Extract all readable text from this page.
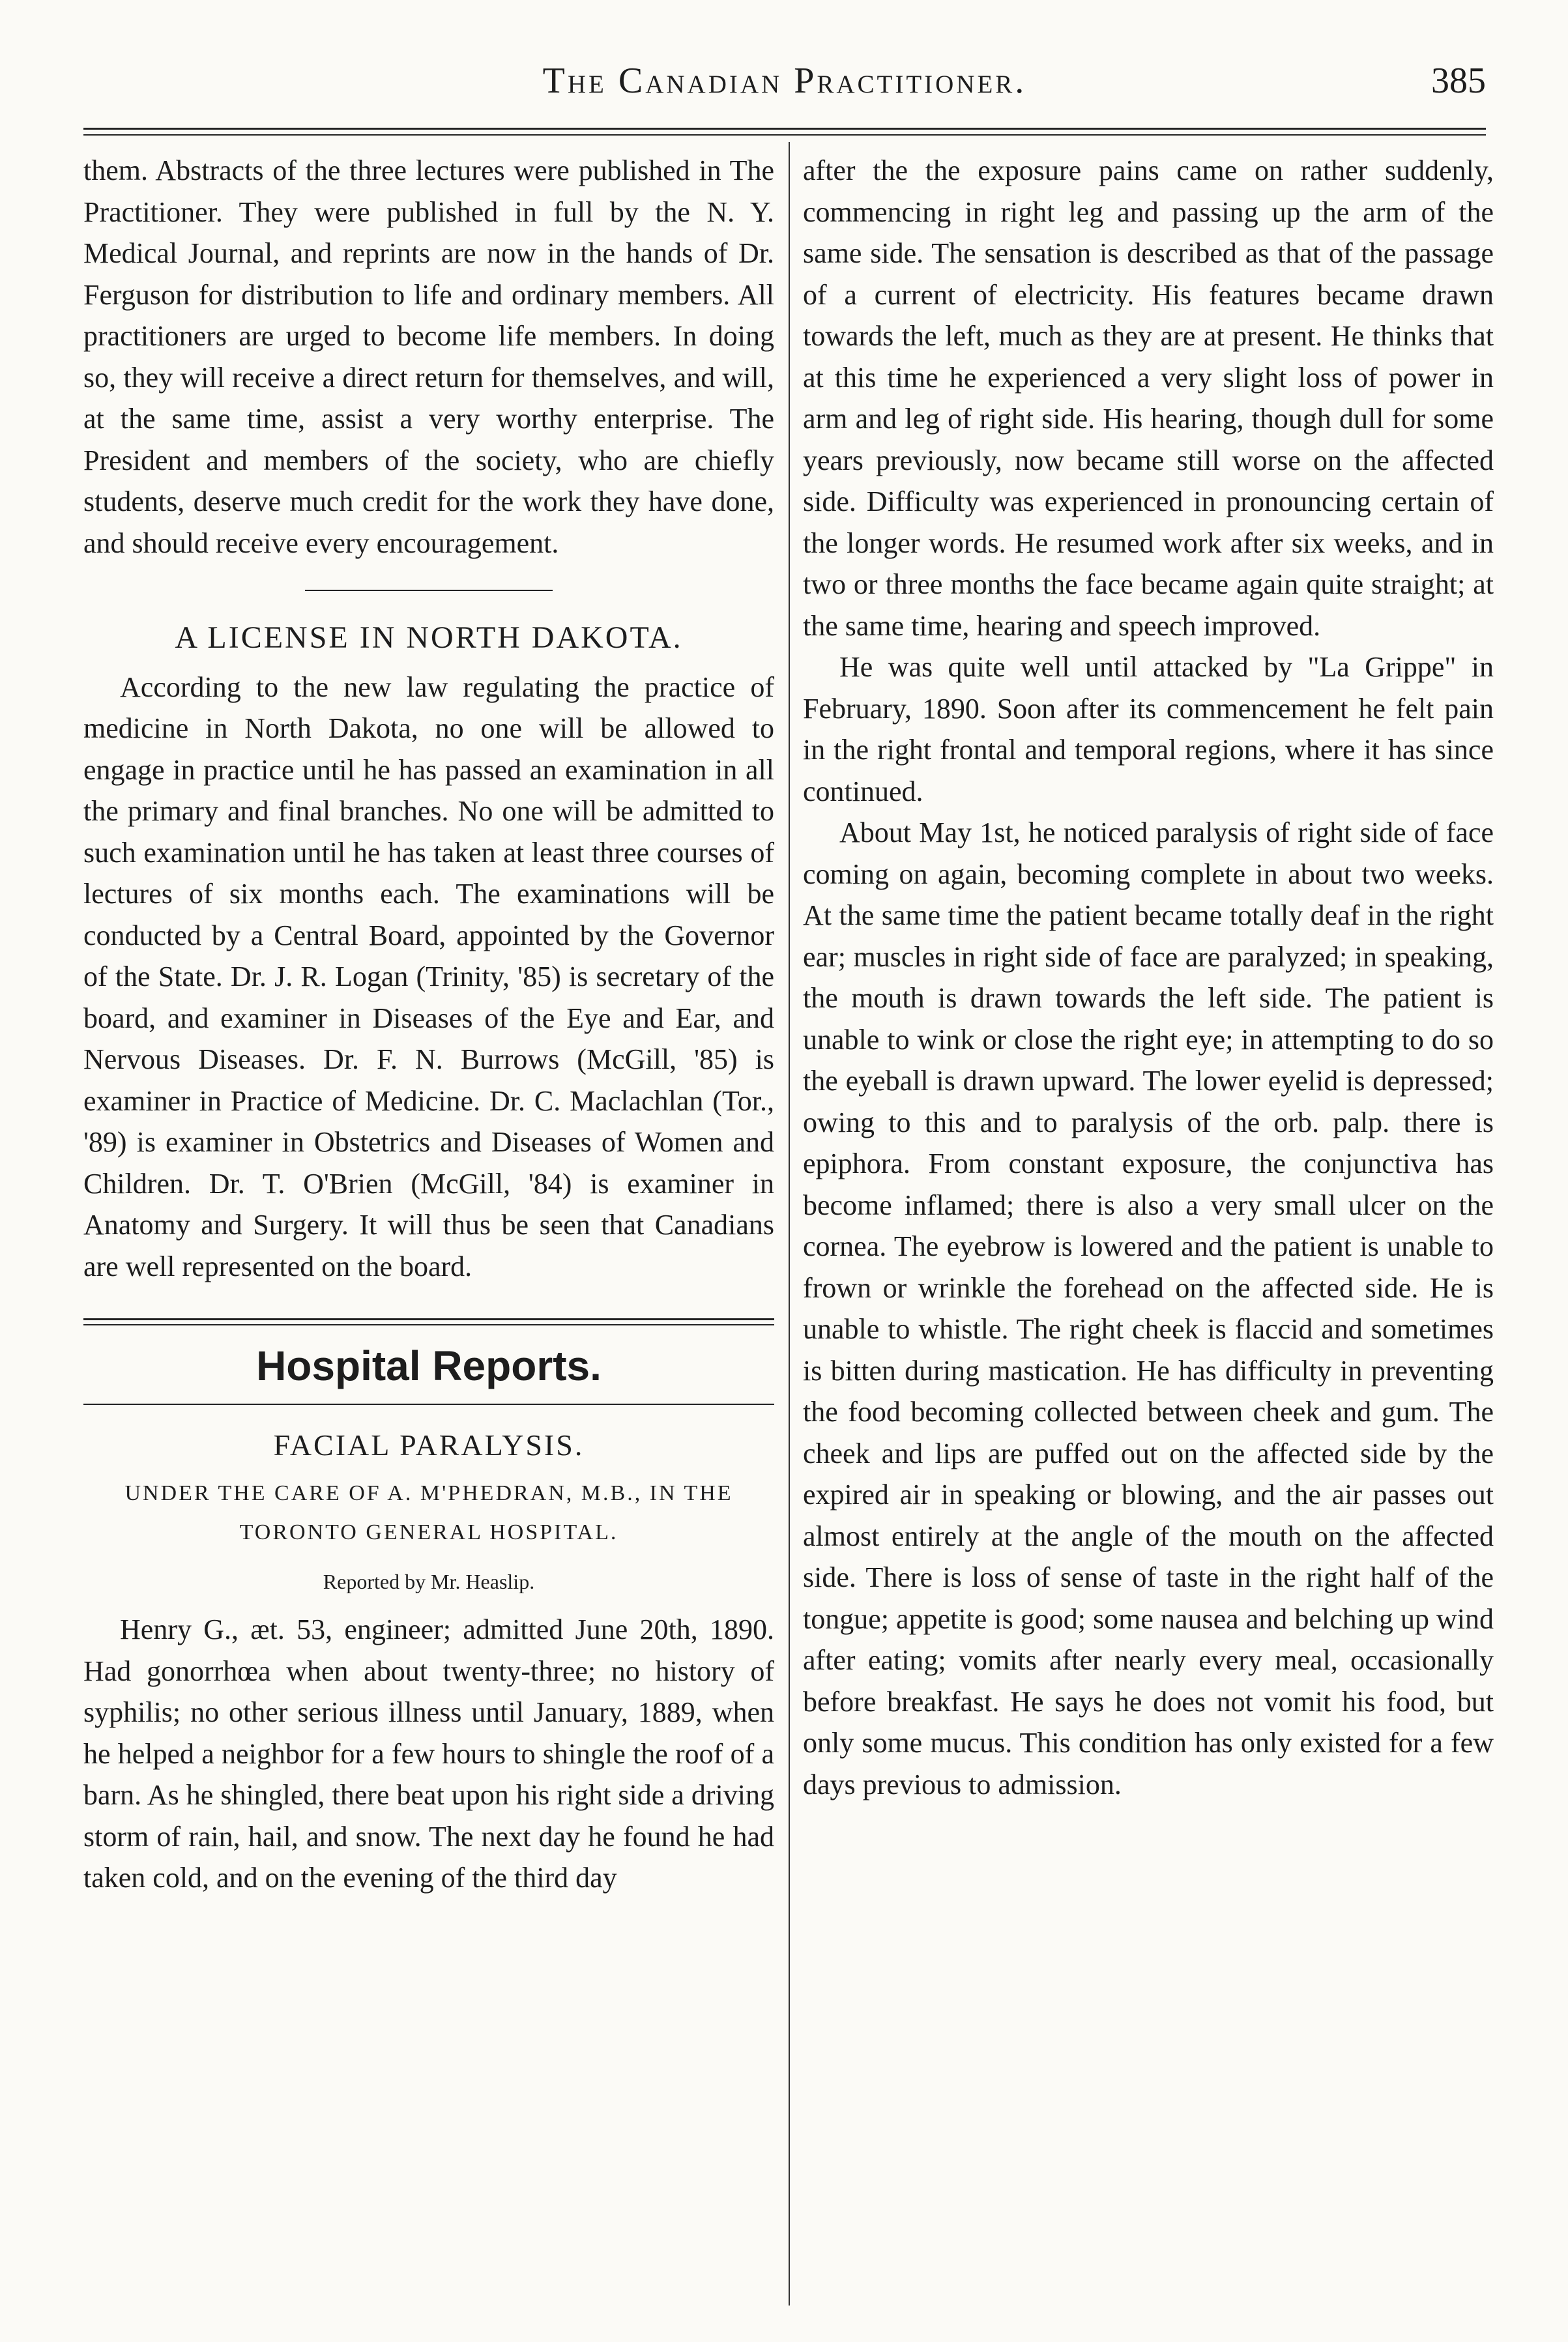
The Canadian Practitioner.	385

them. Abstracts of the three lectures were published in The Practitioner. They were published in full by the N. Y. Medical Journal, and reprints are now in the hands of Dr. Ferguson for distribution to life and ordinary members. All practitioners are urged to become life members. In doing so, they will receive a direct return for themselves, and will, at the same time, assist a very worthy enterprise. The President and members of the society, who are chiefly students, deserve much credit for the work they have done, and should receive every encouragement.

A LICENSE IN NORTH DAKOTA.

According to the new law regulating the practice of medicine in North Dakota, no one will be allowed to engage in practice until he has passed an examination in all the primary and final branches. No one will be admitted to such examination until he has taken at least three courses of lectures of six months each. The examinations will be conducted by a Central Board, appointed by the Governor of the State. Dr. J. R. Logan (Trinity, '85) is secretary of the board, and examiner in Diseases of the Eye and Ear, and Nervous Diseases. Dr. F. N. Burrows (McGill, '85) is examiner in Practice of Medicine. Dr. C. Maclachlan (Tor., '89) is examiner in Obstetrics and Diseases of Women and Children. Dr. T. O'Brien (McGill, '84) is examiner in Anatomy and Surgery. It will thus be seen that Canadians are well represented on the board.

Hospital Reports.
FACIAL PARALYSIS.
UNDER THE CARE OF A. M'PHEDRAN, M.B., IN THE TORONTO GENERAL HOSPITAL.
Reported by Mr. Heaslip.

Henry G., æt. 53, engineer; admitted June 20th, 1890. Had gonorrhœa when about twenty-three; no history of syphilis; no other serious illness until January, 1889, when he helped a neighbor for a few hours to shingle the roof of a barn. As he shingled, there beat upon his right side a driving storm of rain, hail, and snow. The next day he found he had taken cold, and on the evening of the third day

after the the exposure pains came on rather suddenly, commencing in right leg and passing up the arm of the same side. The sensation is described as that of the passage of a current of electricity. His features became drawn towards the left, much as they are at present. He thinks that at this time he experienced a very slight loss of power in arm and leg of right side. His hearing, though dull for some years previously, now became still worse on the affected side. Difficulty was experienced in pronouncing certain of the longer words. He resumed work after six weeks, and in two or three months the face became again quite straight; at the same time, hearing and speech improved.

He was quite well until attacked by "La Grippe" in February, 1890. Soon after its commencement he felt pain in the right frontal and temporal regions, where it has since continued.

About May 1st, he noticed paralysis of right side of face coming on again, becoming complete in about two weeks. At the same time the patient became totally deaf in the right ear; muscles in right side of face are paralyzed; in speaking, the mouth is drawn towards the left side. The patient is unable to wink or close the right eye; in attempting to do so the eyeball is drawn upward. The lower eyelid is depressed; owing to this and to paralysis of the orb. palp. there is epiphora. From constant exposure, the conjunctiva has become inflamed; there is also a very small ulcer on the cornea. The eyebrow is lowered and the patient is unable to frown or wrinkle the forehead on the affected side. He is unable to whistle. The right cheek is flaccid and sometimes is bitten during mastication. He has difficulty in preventing the food becoming collected between cheek and gum. The cheek and lips are puffed out on the affected side by the expired air in speaking or blowing, and the air passes out almost entirely at the angle of the mouth on the affected side. There is loss of sense of taste in the right half of the tongue; appetite is good; some nausea and belching up wind after eating; vomits after nearly every meal, occasionally before breakfast. He says he does not vomit his food, but only some mucus. This condition has only existed for a few days previous to admission.
